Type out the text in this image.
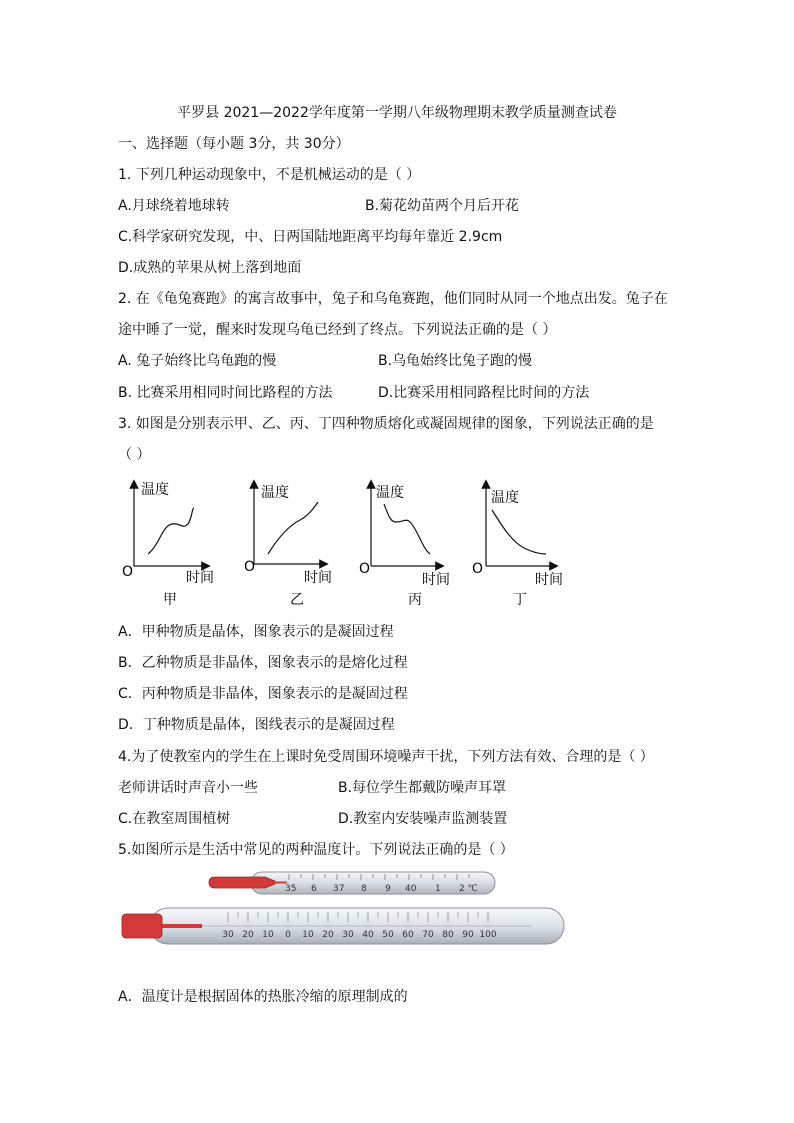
平罗县 2021—2022学年度第一学期八年级物理期末教学质量测查试卷
一、选择题（每小题 3分，共 30分）
1. 下列几种运动现象中，不是机械运动的是（ ）
A.月球绕着地球转	B.菊花幼苗两个月后开花
C.科学家研究发现，中、日两国陆地距离平均每年靠近 2.9cm
D.成熟的苹果从树上落到地面
2. 在《龟兔赛跑》的寓言故事中，兔子和乌龟赛跑，他们同时从同一个地点出发。兔子在
途中睡了一觉，醒来时发现乌龟已经到了终点。下列说法正确的是（ ）
A. 兔子始终比乌龟跑的慢	B.乌龟始终比兔子跑的慢
B. 比赛采用相同时间比路程的方法	D.比赛采用相同路程比时间的方法
3. 如图是分别表示甲、乙、丙、丁四种物质熔化或凝固规律的图象，下列说法正确的是
（ ）
温度
时间
O
甲
温度
时间
O
乙
温度
时间
O
丙
温度
时间
O
丁
A．甲种物质是晶体，图象表示的是凝固过程
B．乙种物质是非晶体，图象表示的是熔化过程
C．丙种物质是非晶体，图象表示的是凝固过程
D．丁种物质是晶体，图线表示的是凝固过程
4.为了使教室内的学生在上课时免受周围环境噪声干扰，下列方法有效、合理的是（ ）
老师讲话时声音小一些	B.每位学生都戴防噪声耳罩
C.在教室周围植树	D.教室内安装噪声监测装置
5.如图所示是生活中常见的两种温度计。下列说法正确的是（ ）
35 6 37 8 9 40 1 2 ℃
30 20 10 0 10 20 30 40 50 60 70 80 90 100
A．温度计是根据固体的热胀冷缩的原理制成的
